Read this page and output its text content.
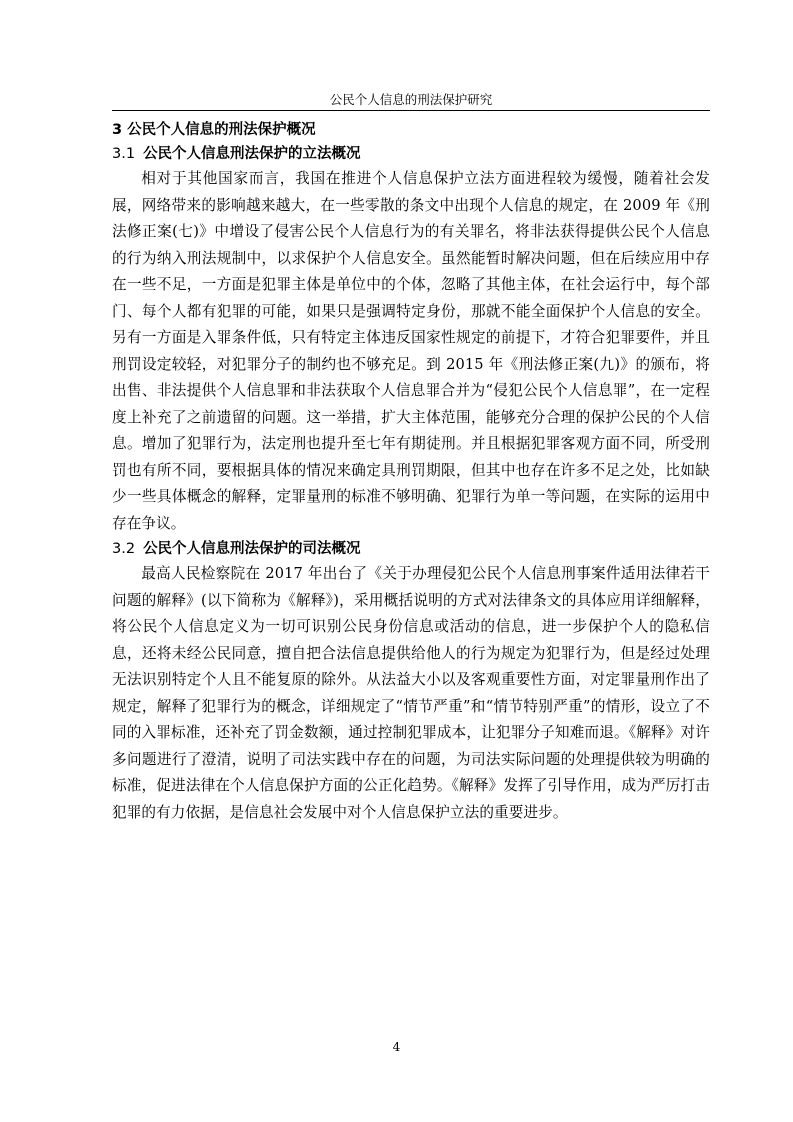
公民个人信息的刑法保护研究
3 公民个人信息的刑法保护概况
3.1 公民个人信息刑法保护的立法概况

相对于其他国家而言，我国在推进个人信息保护立法方面进程较为缓慢，随着社会发展，网络带来的影响越来越大，在一些零散的条文中出现个人信息的规定，在 2009 年《刑法修正案(七)》中增设了侵害公民个人信息行为的有关罪名，将非法获得提供公民个人信息的行为纳入刑法规制中，以求保护个人信息安全。虽然能暂时解决问题，但在后续应用中存在一些不足，一方面是犯罪主体是单位中的个体，忽略了其他主体，在社会运行中，每个部门、每个人都有犯罪的可能，如果只是强调特定身份，那就不能全面保护个人信息的安全。另有一方面是入罪条件低，只有特定主体违反国家性规定的前提下，才符合犯罪要件，并且刑罚设定较轻，对犯罪分子的制约也不够充足。到 2015 年《刑法修正案(九)》的颁布，将出售、非法提供个人信息罪和非法获取个人信息罪合并为“侵犯公民个人信息罪”，在一定程度上补充了之前遗留的问题。这一举措，扩大主体范围，能够充分合理的保护公民的个人信息。增加了犯罪行为，法定刑也提升至七年有期徒刑。并且根据犯罪客观方面不同，所受刑罚也有所不同，要根据具体的情况来确定具刑罚期限，但其中也存在许多不足之处，比如缺少一些具体概念的解释，定罪量刑的标准不够明确、犯罪行为单一等问题，在实际的运用中存在争议。

3.2 公民个人信息刑法保护的司法概况

最高人民检察院在 2017 年出台了《关于办理侵犯公民个人信息刑事案件适用法律若干问题的解释》(以下简称为《解释》)，采用概括说明的方式对法律条文的具体应用详细解释，将公民个人信息定义为一切可识别公民身份信息或活动的信息，进一步保护个人的隐私信息，还将未经公民同意，擅自把合法信息提供给他人的行为规定为犯罪行为，但是经过处理无法识别特定个人且不能复原的除外。从法益大小以及客观重要性方面，对定罪量刑作出了规定，解释了犯罪行为的概念，详细规定了“情节严重”和“情节特别严重”的情形，设立了不同的入罪标准，还补充了罚金数额，通过控制犯罪成本，让犯罪分子知难而退。《解释》对许多问题进行了澄清，说明了司法实践中存在的问题，为司法实际问题的处理提供较为明确的标准，促进法律在个人信息保护方面的公正化趋势。《解释》发挥了引导作用，成为严厉打击犯罪的有力依据，是信息社会发展中对个人信息保护立法的重要进步。

4
